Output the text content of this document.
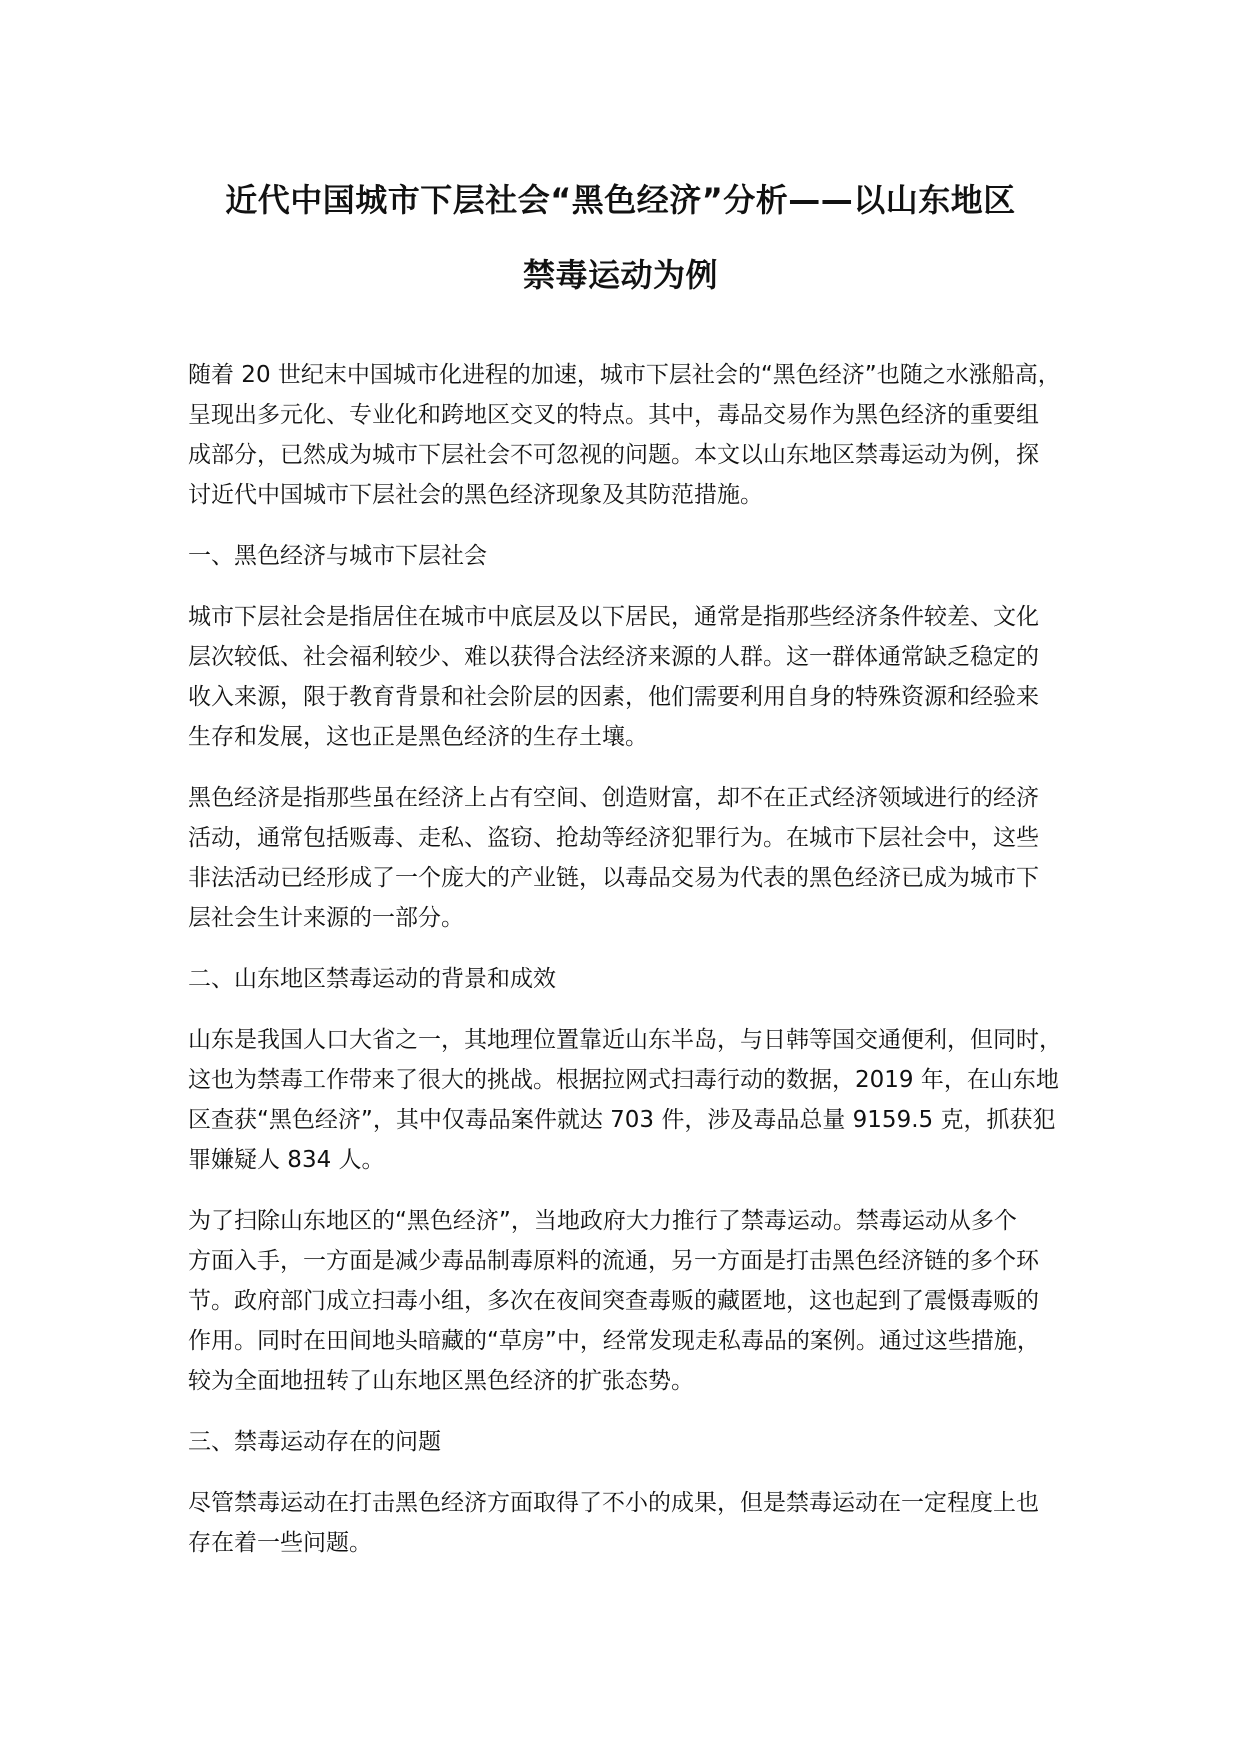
近代中国城市下层社会“黑色经济”分析——以山东地区
禁毒运动为例

随着 20 世纪末中国城市化进程的加速，城市下层社会的“黑色经济”也随之水涨船高，
呈现出多元化、专业化和跨地区交叉的特点。其中，毒品交易作为黑色经济的重要组
成部分，已然成为城市下层社会不可忽视的问题。本文以山东地区禁毒运动为例，探
讨近代中国城市下层社会的黑色经济现象及其防范措施。

一、黑色经济与城市下层社会

城市下层社会是指居住在城市中底层及以下居民，通常是指那些经济条件较差、文化
层次较低、社会福利较少、难以获得合法经济来源的人群。这一群体通常缺乏稳定的
收入来源，限于教育背景和社会阶层的因素，他们需要利用自身的特殊资源和经验来
生存和发展，这也正是黑色经济的生存土壤。

黑色经济是指那些虽在经济上占有空间、创造财富，却不在正式经济领域进行的经济
活动，通常包括贩毒、走私、盗窃、抢劫等经济犯罪行为。在城市下层社会中，这些
非法活动已经形成了一个庞大的产业链，以毒品交易为代表的黑色经济已成为城市下
层社会生计来源的一部分。

二、山东地区禁毒运动的背景和成效

山东是我国人口大省之一，其地理位置靠近山东半岛，与日韩等国交通便利，但同时，
这也为禁毒工作带来了很大的挑战。根据拉网式扫毒行动的数据，2019 年，在山东地
区查获“黑色经济”，其中仅毒品案件就达 703 件，涉及毒品总量 9159.5 克，抓获犯
罪嫌疑人 834 人。

为了扫除山东地区的“黑色经济”，当地政府大力推行了禁毒运动。禁毒运动从多个
方面入手，一方面是减少毒品制毒原料的流通，另一方面是打击黑色经济链的多个环
节。政府部门成立扫毒小组，多次在夜间突查毒贩的藏匿地，这也起到了震慑毒贩的
作用。同时在田间地头暗藏的“草房”中，经常发现走私毒品的案例。通过这些措施，
较为全面地扭转了山东地区黑色经济的扩张态势。

三、禁毒运动存在的问题

尽管禁毒运动在打击黑色经济方面取得了不小的成果，但是禁毒运动在一定程度上也
存在着一些问题。
